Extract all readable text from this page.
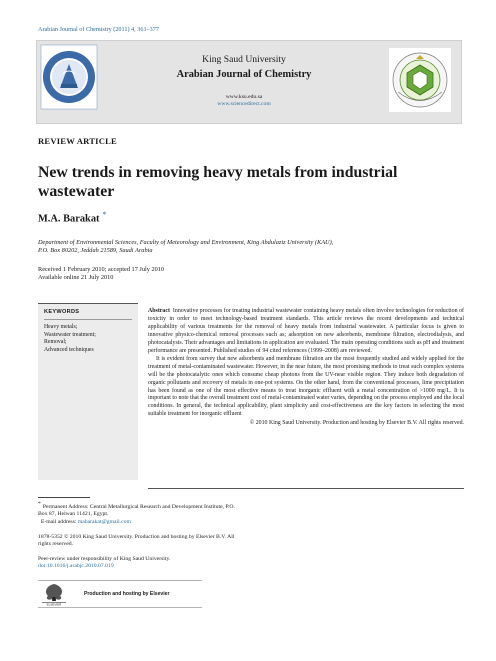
Arabian Journal of Chemistry (2011) 4, 361–377
King Saud University
Arabian Journal of Chemistry
www.ksu.edu.sa
www.sciencedirect.com
REVIEW ARTICLE
New trends in removing heavy metals from industrial wastewater
M.A. Barakat *
Department of Environmental Sciences, Faculty of Meteorology and Environment, King Abdulaziz University (KAU),
P.O. Box 80202, Jeddah 21589, Saudi Arabia
Received 1 February 2010; accepted 17 July 2010
Available online 21 July 2010
KEYWORDS
Heavy metals;
Wastewater treatment;
Removal;
Advanced techniques

Abstract Innovative processes for treating industrial wastewater containing heavy metals often involve technologies for reduction of toxicity in order to meet technology-based treatment standards. This article reviews the recent developments and technical applicability of various treatments for the removal of heavy metals from industrial wastewater. A particular focus is given to innovative physico-chemical removal processes such as; adsorption on new adsorbents, membrane filtration, electrodialysis, and photocatalysis. Their advantages and limitations in application are evaluated. The main operating conditions such as pH and treatment performance are presented. Published studies of 94 cited references (1999–2008) are reviewed.

It is evident from survey that new adsorbents and membrane filtration are the most frequently studied and widely applied for the treatment of metal-contaminated wastewater. However, in the near future, the most promising methods to treat such complex systems will be the photocatalytic ones which consume cheap photons from the UV-near visible region. They induce both degradation of organic pollutants and recovery of metals in one-pot systems. On the other hand, from the conventional processes, lime precipitation has been found as one of the most effective means to treat inorganic effluent with a metal concentration of >1000 mg/L. It is important to note that the overall treatment cost of metal-contaminated water varies, depending on the process employed and the local conditions. In general, the technical applicability, plant simplicity and cost-effectiveness are the key factors in selecting the most suitable treatment for inorganic effluent

© 2010 King Saud University. Production and hosting by Elsevier B.V. All rights reserved.

* Permanent Address: Central Metallurgical Research and Development Institute, P.O. Box 87, Helwan 11421, Egypt.
E-mail address: mabarakat@gmail.com
1878-5352 © 2010 King Saud University. Production and hosting by Elsevier B.V. All rights reserved.
Peer-review under responsibility of King Saud University.
doi:10.1016/j.arabjc.2010.07.019
ELSEVIER
Production and hosting by Elsevier
